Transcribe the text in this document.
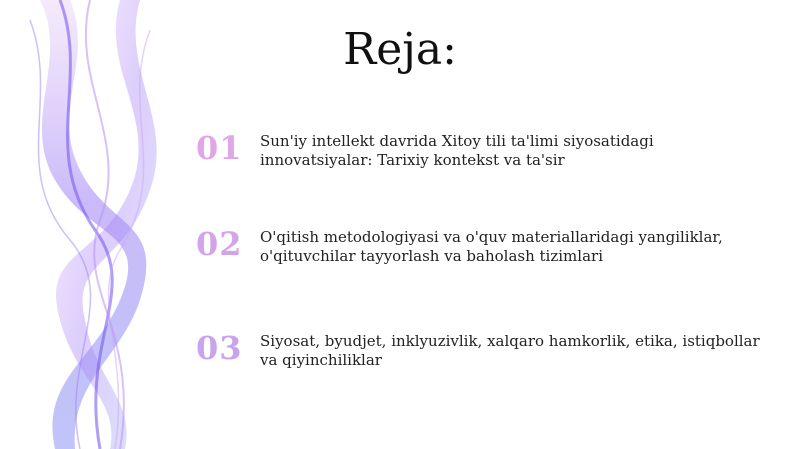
Reja:
01 Sun'iy intellekt davrida Xitoy tili ta'limi siyosatidagi innovatsiyalar: Tarixiy kontekst va ta'sir
02 O'qitish metodologiyasi va o'quv materiallaridagi yangiliklar, o'qituvchilar tayyorlash va baholash tizimlari
03 Siyosat, byudjet, inklyuzivlik, xalqaro hamkorlik, etika, istiqbollar va qiyinchiliklar
